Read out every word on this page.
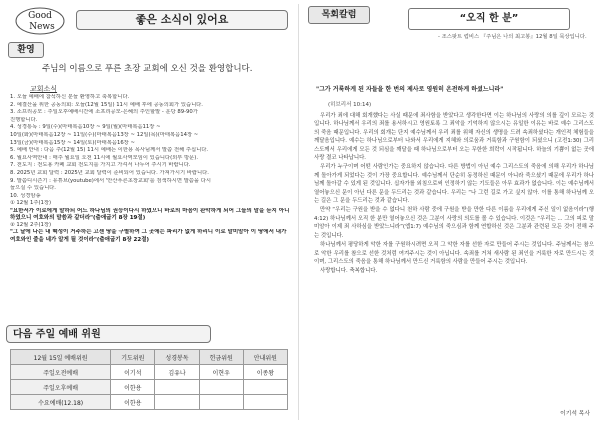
Good
News
좋은 소식이 있어요
환영
주님의 이름으로 푸른 초장 교회에 오신 것을 환영합니다.
교회소식
1. 오늘 예배에 참석하신 분들 환영하고 축복합니다.
2. 예결산을 위한 공동의회: 오늘(12월 15일) 11시 예배 후에 공동의회가 있습니다.
3. 소프리공모 : 주일오후예배시간에 소프리공모-은혜의 주인할말 - 운당 89-90가
진행합니다.
4. 성경통독 : 9일(수)(마태복음10장 ~ 9일(월)(마태복음11장 ~
10일(화)(마태복음12장 ~ 11일(수)(마태복음13장 ~ 12일(목)(마태복음14장 ~
13일(금)(마태복음15장 ~ 14일(토)(마태복음16장 ~
5. 예배 안내 : 다음 주(12월 15) 11시 예배는 이한용 목사님께서 말씀 전해 주십니다.
6. 월요사역안내 : 매주 월요일 오전 11시에 월요사역모임이 있습니다(외부 방문).
7. 전도지 : 전도용 카페 교회 전도지를 가지고 가셔서 나누어 주시기 바랍니다.
8. 2025년 교회 달력 : 2025년 교회 달력이 준비되어 있습니다. 가져가시기 바랍니다.
9. 말씀디시즌기 : 유튜브(youtube)에서 '안산푸른초장교회'를 검색하시면 말씀을 다시
들으실 수 있습니다.
10. 성경암송
① 12월 1주(1장)
"요한서가 이로에게 말하되 어느 하나님의 권능이다시 하였으니 바로의 마음이 완악하게 되어 그들의 말을 듣지 아니하였으니 여호와의 말씀과 같더라"(출애굽기 8장 19절)
② 12월 2주(1장)
"그 날에 나는 내 백성이 거주하는 고센 땅을 구별하여 그 곳에는 파리가 없게 하리니 이로 말미암아 이 땅에서 내가 여호와인 줄을 네가 알게 될 것이라"(출애굽기 8장 22절)
다음 주일 예배 위원
12월 15일 예배위원	기도위원	성경봉독	헌금위원	안내위원
주일오전예배	이기석	김유나	이현우	이종왕
주일오후예배	이한용			
수요예배(12.18)	이한용			
목회칼럼	“오직 한 분”
- 조스팟트 럽비스 『주님은 나의 최고봉』12월 8일 묵상입니다.
"그가 거룩하게 된 자들을 한 번의 제사로 영원히 온전하게 하셨느니라"
(히브리서 10:14)

우리가 죄에 대해 회개했다는 사실 때문에 죄사함을 받았다고 생각한다면 이는 하나님의 사랑의 의를 깊이 모르는 것입니다. 하나님께서 우리의 죄를 용서하시고 영원토록 그 죄악을 기억하지 않으시는 유일한 이유는 바로 예수 그리스도의 죽음 때문입니다. 우리의 회개는 단지 예수님께서 우리 죄를 위해 자신의 생명을 드려 속죄하셨다는 개인적 체험들을 깨달음입니다. 예수는 하나님으로부터 나와서 우리에게 지혜와 의로움과 거룩함과 구원함이 되셨으니 (고전1:30) 그리스도께서 우리에게 모든 것 되심을 깨달을 때 하나님으로부터 오는 무한한 희락이 시작됩니다. 하늘의 기쁨이 없는 곳에 사랑 결코 나타납니다.

우리가 누구이며 어떤 사람인가는 중요하지 않습니다. 다른 방법이 아닌 예수 그리스도의 죽음에 의해 우리가 하나님께 돌아가게 되었다는 것이 가장 중요합니다. 예수님께서 단순히 동정하신 때문이 아니라 죽으셨기 때문에 우리가 하나님께 돌아갈 수 있게 된 것입니다. 십자가를 외침으로써 인정하기 않는 기도들은 아무 효과가 없습니다. 이는 예수님께서 열어놓으신 문이 아닌 다른 문을 두드리는 것과 같습니다. 우리는 “나 그런 길로 가고 싶지 않아. 이를 통해 하나님께 오는 길은 그 문을 두드리는 것과 같습니다.

만약 “우리는 구원을 받을 수 없다니 천하 사람 중에 구원을 받을 만한 다른 이름을 우리에게 주신 일이 없음이라”(행4:12) 하나님께서 오직 한 분만 열어놓으신 것은 그분이 사랑의 의도를 볼 수 있습니다. 이것은 “우리는 ... 그의 피로 말미암아 이제 죄 사하심을 받았느니라”(엡1:7) 예수님의 죽으심과 함께 연합하신 것은 그분과 관련된 모든 것이 전해 주는 것입니다.

하나님께서 평당하게 악한 자를 구원하시려면 오직 그 악한 자를 선한 자로 만들어 주시는 것입니다. 주님께서는 참으로 악한 우리를 참으로 선한 것처럼 여겨주시는 것이 아닙니다. 속죄를 거쳐 새사람 된 죄인을 거룩한 자로 만드시는 것이며, 그리스도의 죽음을 통해 하나님께서 만드신 거룩함의 사람을 만들어 주시는 것입니다.

사랑합니다. 축복합니다.

이기석 목사
